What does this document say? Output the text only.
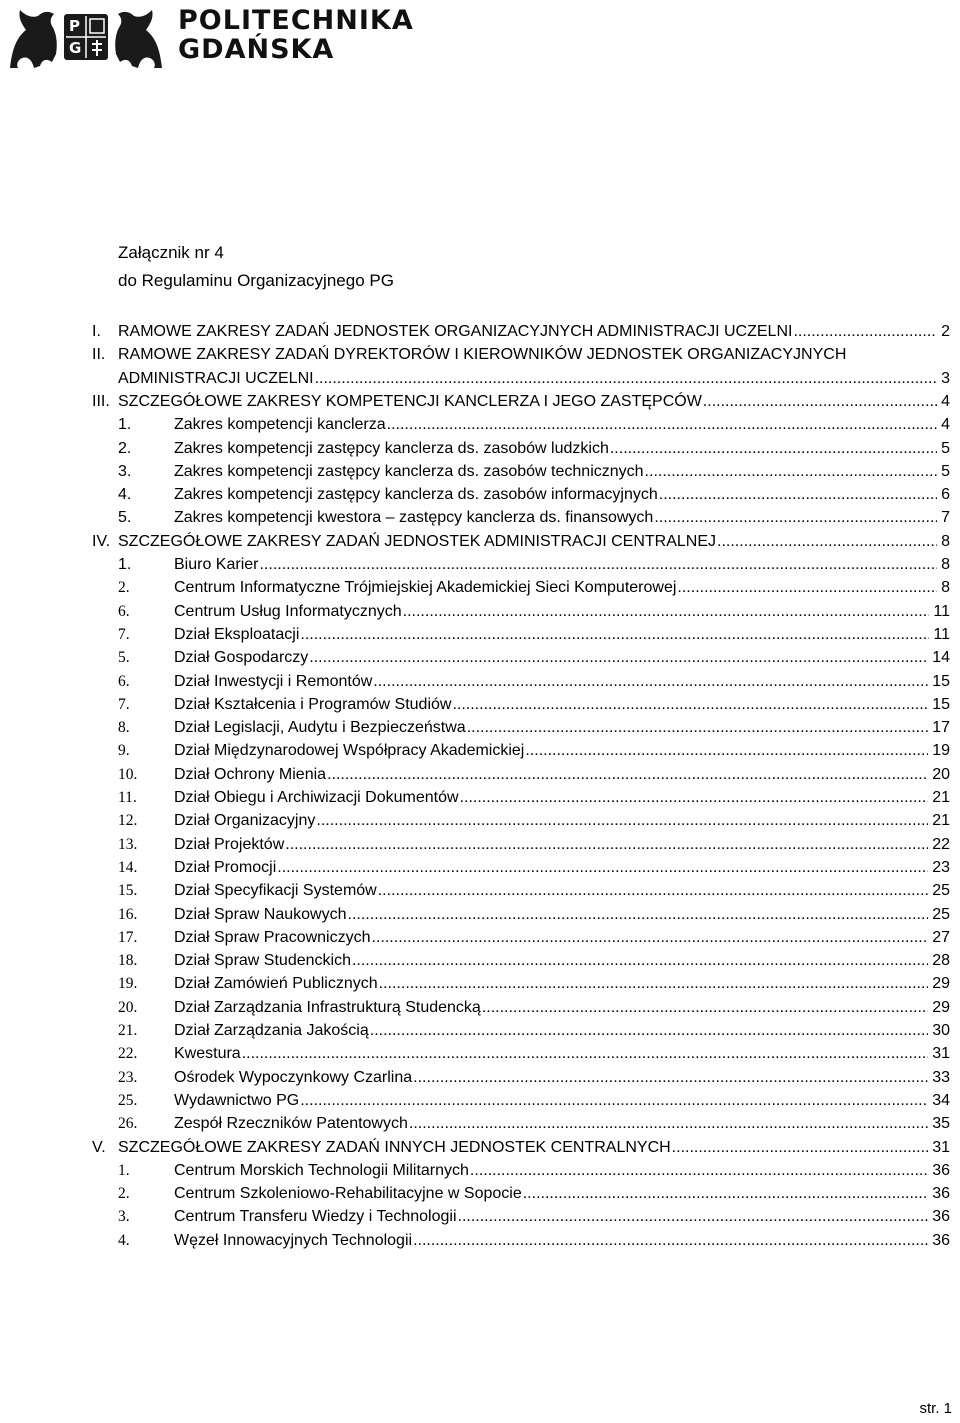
P
G
POLITECHNIKA
GDAŃSKA
Załącznik nr 4
do Regulaminu Organizacyjnego PG
I. RAMOWE ZAKRESY ZADAŃ JEDNOSTEK ORGANIZACYJNYCH ADMINISTRACJI UCZELNI .....	2
II. RAMOWE ZAKRESY ZADAŃ DYREKTORÓW I KIEROWNIKÓW JEDNOSTEK ORGANIZACYJNYCH
ADMINISTRACJI UCZELNI .....	3
III. SZCZEGÓŁOWE ZAKRESY KOMPETENCJI KANCLERZA I JEGO ZASTĘPCÓW .....	4
1.	Zakres kompetencji kanclerza .....	4
2.	Zakres kompetencji zastępcy kanclerza ds. zasobów ludzkich .....	5
3.	Zakres kompetencji zastępcy kanclerza ds. zasobów technicznych .....	5
4.	Zakres kompetencji zastępcy kanclerza ds. zasobów informacyjnych .....	6
5.	Zakres kompetencji kwestora – zastępcy kanclerza ds. finansowych .....	7
IV. SZCZEGÓŁOWE ZAKRESY ZADAŃ JEDNOSTEK ADMINISTRACJI CENTRALNEJ .....	8
1.	Biuro Karier .....	8
2.	Centrum Informatyczne Trójmiejskiej Akademickiej Sieci Komputerowej .....	8
6.	Centrum Usług Informatycznych .....	11
7.	Dział Eksploatacji .....	11
5.	Dział Gospodarczy .....	14
6.	Dział Inwestycji i Remontów .....	15
7.	Dział Kształcenia i Programów Studiów .....	15
8.	Dział Legislacji, Audytu i Bezpieczeństwa .....	17
9.	Dział Międzynarodowej Współpracy Akademickiej .....	19
10. Dział Ochrony Mienia .....	20
11. Dział Obiegu i Archiwizacji Dokumentów .....	21
12. Dział Organizacyjny .....	21
13. Dział Projektów .....	22
14. Dział Promocji .....	23
15. Dział Specyfikacji Systemów .....	25
16. Dział Spraw Naukowych .....	25
17. Dział Spraw Pracowniczych .....	27
18. Dział Spraw Studenckich .....	28
19. Dział Zamówień Publicznych .....	29
20. Dział Zarządzania Infrastrukturą Studencką .....	29
21. Dział Zarządzania Jakością .....	30
22. Kwestura .....	31
23. Ośrodek Wypoczynkowy Czarlina .....	33
25. Wydawnictwo PG .....	34
26. Zespół Rzeczników Patentowych .....	35
V. SZCZEGÓŁOWE ZAKRESY ZADAŃ INNYCH JEDNOSTEK CENTRALNYCH .....	31
1.	Centrum Morskich Technologii Militarnych .....	36
2.	Centrum Szkoleniowo-Rehabilitacyjne w Sopocie .....	36
3.	Centrum Transferu Wiedzy i Technologii .....	36
4.	Węzeł Innowacyjnych Technologii .....	36
str. 1
